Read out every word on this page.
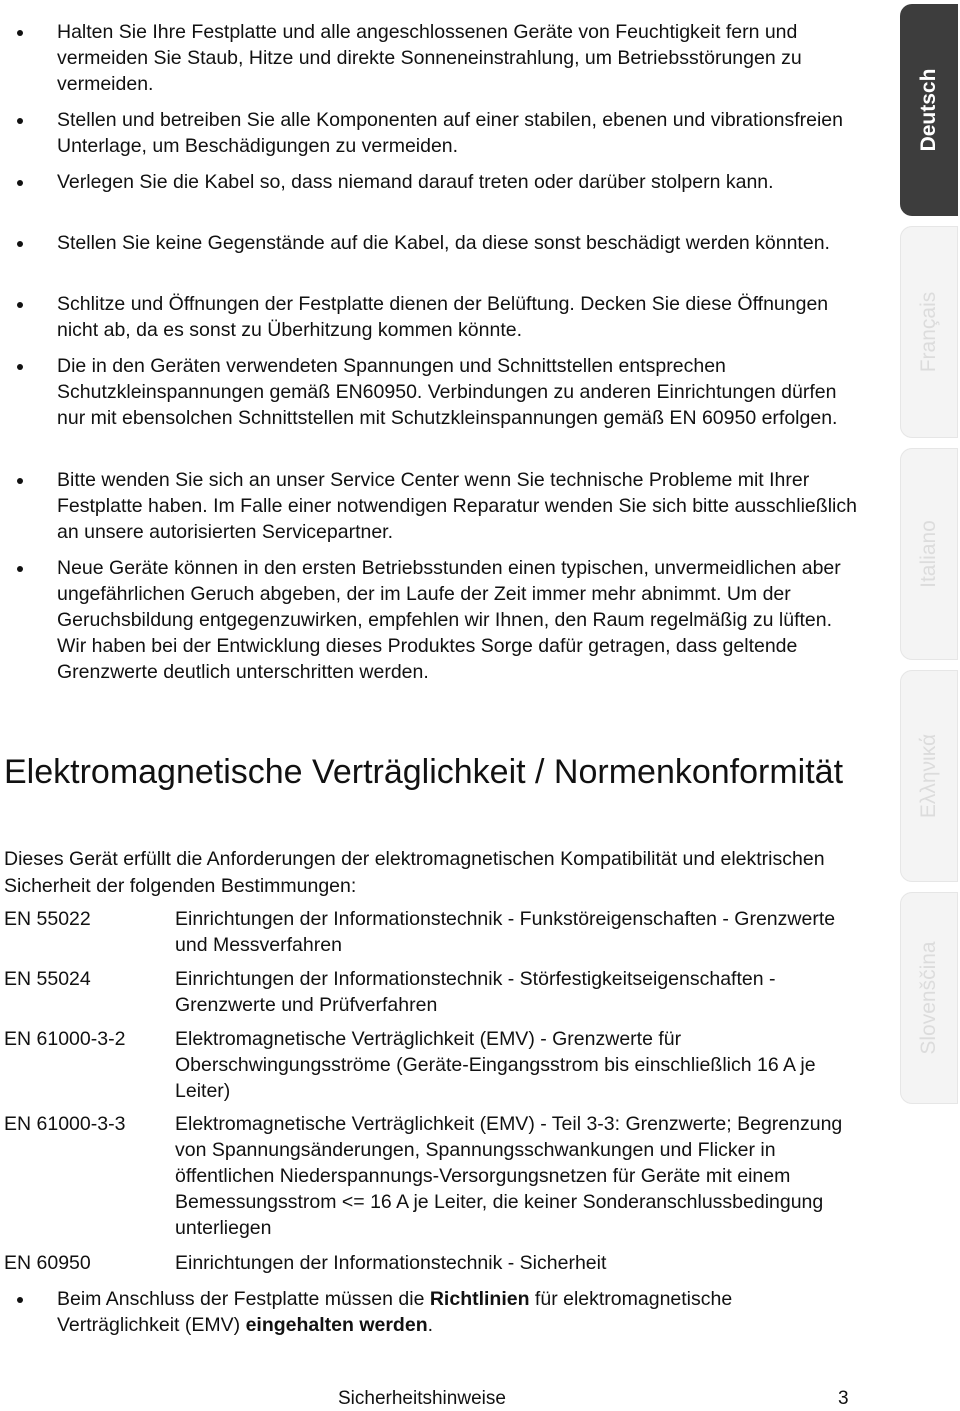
Halten Sie Ihre Festplatte und alle angeschlossenen Geräte von Feuchtigkeit fern und vermeiden Sie Staub, Hitze und direkte Sonneneinstrahlung, um Betriebsstörungen zu vermeiden.
Stellen und betreiben Sie alle Komponenten auf einer stabilen, ebenen und vibrationsfreien Unterlage, um Beschädigungen zu vermeiden.
Verlegen Sie die Kabel so, dass niemand darauf treten oder darüber stolpern kann.
Stellen Sie keine Gegenstände auf die Kabel, da diese sonst beschädigt werden könnten.
Schlitze und Öffnungen der Festplatte dienen der Belüftung. Decken Sie diese Öffnungen nicht ab, da es sonst zu Überhitzung kommen könnte.
Die in den Geräten verwendeten Spannungen und Schnittstellen entsprechen Schutzkleinspannungen gemäß EN60950. Verbindungen zu anderen Einrichtungen dürfen nur mit ebensolchen Schnittstellen mit Schutzkleinspannungen gemäß EN 60950 erfolgen.
Bitte wenden Sie sich an unser Service Center wenn Sie technische Probleme mit Ihrer Festplatte haben. Im Falle einer notwendigen Reparatur wenden Sie sich bitte ausschließlich an unsere autorisierten Servicepartner.
Neue Geräte können in den ersten Betriebsstunden einen typischen, unvermeidlichen aber ungefährlichen Geruch abgeben, der im Laufe der Zeit immer mehr abnimmt. Um der Geruchsbildung entgegenzuwirken, empfehlen wir Ihnen, den Raum regelmäßig zu lüften. Wir haben bei der Entwicklung dieses Produktes Sorge dafür getragen, dass geltende Grenzwerte deutlich unterschritten werden.
Elektromagnetische Verträglichkeit / Normenkonformität

Dieses Gerät erfüllt die Anforderungen der elektromagnetischen Kompatibilität und elektrischen Sicherheit der folgenden Bestimmungen:

EN 55022	Einrichtungen der Informationstechnik - Funkstöreigenschaften - Grenzwerte und Messverfahren
EN 55024	Einrichtungen der Informationstechnik - Störfestigkeitseigenschaften - Grenzwerte und Prüfverfahren
EN 61000-3-2	Elektromagnetische Verträglichkeit (EMV) - Grenzwerte für Oberschwingungsströme (Geräte-Eingangsstrom bis einschließlich 16 A je Leiter)
EN 61000-3-3	Elektromagnetische Verträglichkeit (EMV) - Teil 3-3: Grenzwerte; Begrenzung von Spannungsänderungen, Spannungsschwankungen und Flicker in öffentlichen Niederspannungs-Versorgungsnetzen für Geräte mit einem Bemessungsstrom <= 16 A je Leiter, die keiner Sonderanschlussbedingung unterliegen
EN 60950	Einrichtungen der Informationstechnik - Sicherheit
Beim Anschluss der Festplatte müssen die Richtlinien für elektromagnetische Verträglichkeit (EMV) eingehalten werden.
Sicherheitshinweise	3
Deutsch
Français
Italiano
Ελληνικά
Slovenščina
